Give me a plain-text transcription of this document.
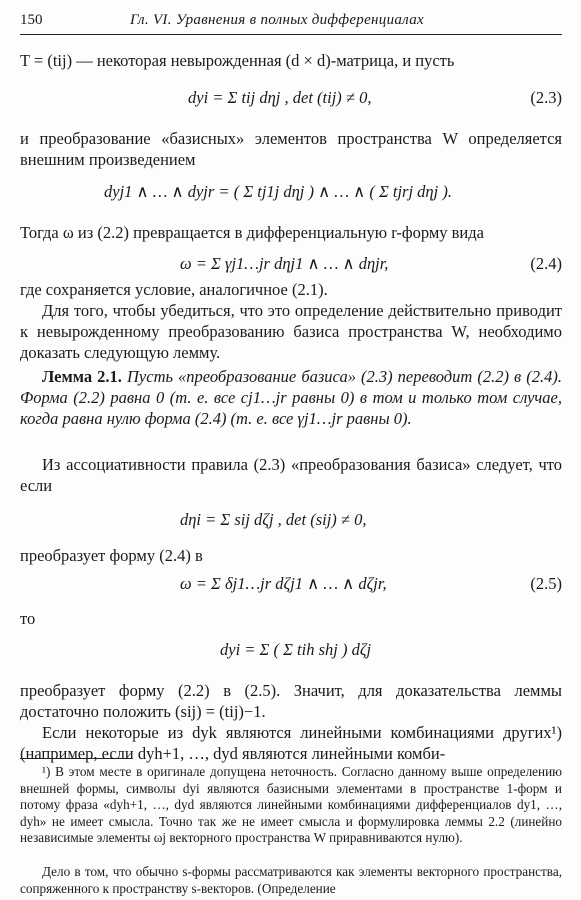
150	Гл. VI. Уравнения в полных дифференциалах
T = (tij) — некоторая невырожденная (d × d)-матрица, и пусть
dyi = Σ tij dηj , det (tij) ≠ 0,	(2.3)
и преобразование «базисных» элементов пространства W определяется внешним произведением
dyj1 ∧ … ∧ dyjr = ( Σ tj1j dηj ) ∧ … ∧ ( Σ tjrj dηj ).
Тогда ω из (2.2) превращается в дифференциальную r-форму вида
ω = Σ γj1…jr dηj1 ∧ … ∧ dηjr,	(2.4)
где сохраняется условие, аналогичное (2.1).
Для того, чтобы убедиться, что это определение действительно приводит к невырожденному преобразованию базиса пространства W, необходимо доказать следующую лемму.
Лемма 2.1. Пусть «преобразование базиса» (2.3) переводит (2.2) в (2.4). Форма (2.2) равна 0 (т. е. все cj1…jr равны 0) в том и только том случае, когда равна нулю форма (2.4) (т. е. все γj1…jr равны 0).
Из ассоциативности правила (2.3) «преобразования базиса» следует, что если
dηi = Σ sij dζj , det (sij) ≠ 0,
преобразует форму (2.4) в
ω = Σ δj1…jr dζj1 ∧ … ∧ dζjr,	(2.5)
то
dyi = Σ ( Σ tih shj ) dζj
преобразует форму (2.2) в (2.5). Значит, для доказательства леммы достаточно положить (sij) = (tij)−1.
Если некоторые из dyk являются линейными комбинациями других¹) (например, если dyh+1, …, dyd являются линейными комби-
¹) В этом месте в оригинале допущена неточность. Согласно данному выше определению внешней формы, символы dyi являются базисными элементами в пространстве 1-форм и потому фраза «dyh+1, …, dyd являются линейными комбинациями дифференциалов dy1, …, dyh» не имеет смысла. Точно так же не имеет смысла и формулировка леммы 2.2 (линейно независимые элементы ωj векторного пространства W приравниваются нулю).
Дело в том, что обычно s-формы рассматриваются как элементы векторного пространства, сопряженного к пространству s-векторов. (Определение
